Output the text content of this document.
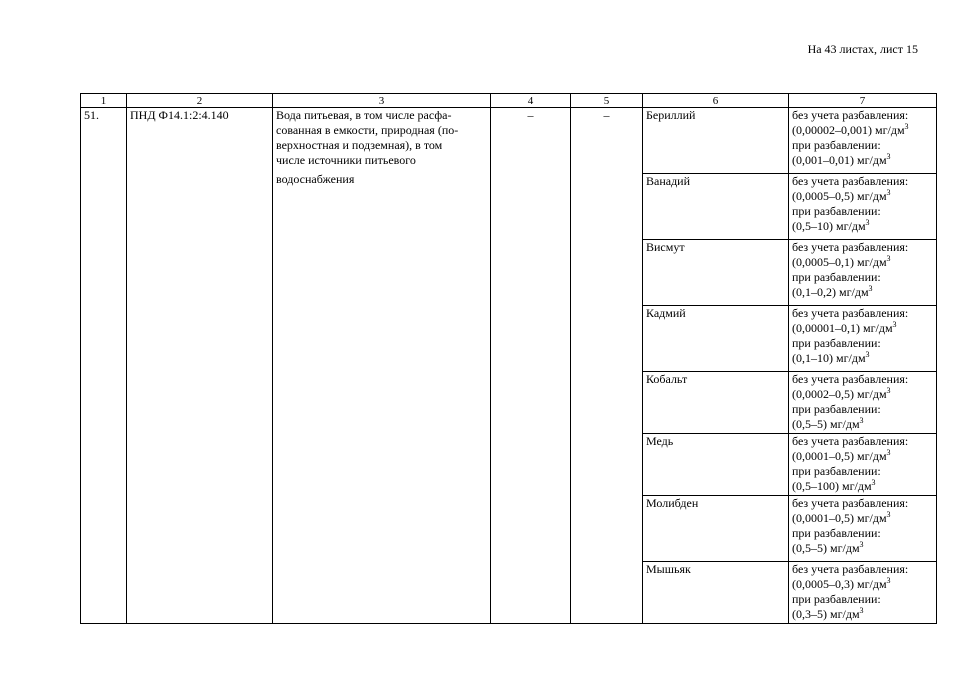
На 43 листах, лист 15
1	2	3	4	5	6	7
51.	ПНД Ф14.1:2:4.140	Вода питьевая, в том числе расфа-
сованная в емкости, природная (по-
верхностная и подземная), в том
числе источники питьевого
водоснабжения	–	–	Бериллий	без учета разбавления:
(0,00002–0,001) $мг/дм^3$
при разбавлении:
(0,001–0,01) $мг/дм^3$

					Ванадий	без учета разбавления:
(0,0005–0,5) $мг/дм^3$
при разбавлении:
(0,5–10) $мг/дм^3$

					Висмут	без учета разбавления:
(0,0005–0,1) $мг/дм^3$
при разбавлении:
(0,1–0,2) $мг/дм^3$

					Кадмий	без учета разбавления:
(0,00001–0,1) $мг/дм^3$
при разбавлении:
(0,1–10) $мг/дм^3$

					Кобальт	без учета разбавления:
(0,0002–0,5) $мг/дм^3$
при разбавлении:
(0,5–5) $мг/дм^3$

					Медь	без учета разбавления:
(0,0001–0,5) $мг/дм^3$
при разбавлении:
(0,5–100) $мг/дм^3$

					Молибден	без учета разбавления:
(0,0001–0,5) $мг/дм^3$
при разбавлении:
(0,5–5) $мг/дм^3$

					Мышьяк	без учета разбавления:
(0,0005–0,3) $мг/дм^3$
при разбавлении:
(0,3–5) $мг/дм^3$
